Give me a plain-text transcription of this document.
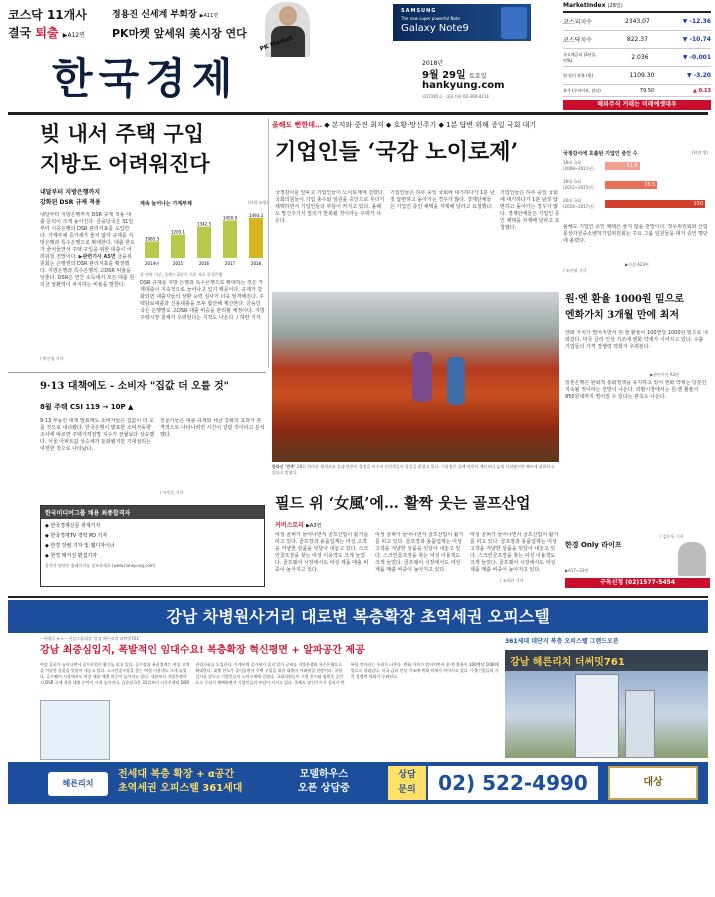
코스닥 11개사
결국 퇴출 ▶A12면
정용진 신세계 부회장 ▶A11면
PK마켓 앞세워 美시장 연다
PK Market
SAMSUNG
The new super powerful Note
Galaxy Note9
한국경제	2018년
9월 29일 토요일
hankyung.com
제17265호 · 대표전화 02-360-4114
MarketIndex (28일)
코스피지수	2343.07	▼ -12.36
코스닥지수	822.37	▼ -10.74
국고채금리 (3년물, 연%)	2.036	▼ -0.001
원·달러 환율 (원)	1109.30	▼ -3.20
유가 (두바이유, 달러)	79.50	▲ 0.13
해외주식 거래는 미래에셋대우
빚 내서 주택 구입
지방도 어려워진다
내달부터 지방은행까지
강화된 DSR 규제 적용
내달부터 지방은행까지 DSR 규제 적용 대출 문턱이 크게 높아진다. 금융당국은 31일부터 시중은행의 DSR 관리지표를 도입한다. 가계부채 증가세가 줄지 않자 규제를 지방은행과 특수은행으로 확대한다. 대출 한도가 줄어들면서 주택 구입을 위한 대출이 어려워질 전망이다. ▶관련기사 A5면 금융위원회는 은행권의 DSR 관리지표를 확정했다. 지방은행과 특수은행의 고DSR 비율을 낮춘다. DSR은 연간 소득에서 모든 대출 원리금 상환액이 차지하는 비율을 말한다.
/ 박신영 기자
계속 늘어나는 가계부채	(단위:조원)
1085.3
2014년
1203.1
2015
1342.5
2016
1450.9
2017
1493.2
2018
각 연말 기준, 올해는 2분기 기준 자료 한국은행
DSR 규제를 지방 은행과 특수은행으로 확대하는 것은 가계대출이 지속적으로 늘어나고 있기 때문이다. 규제가 강화되면 대출자들의 상환 능력 심사가 더욱 엄격해진다. 주택담보대출과 신용대출을 모두 합산해 계산한다. 금융당국은 은행별로 고DSR 대출 비중을 관리할 예정이다. 지방 주택시장 침체가 우려된다는 지적도 나온다. / 허란 기자
올해도 빤한데… ◆ 본지와 중진 최저 ◆ 호황·망신주기 ◆ 1분 답변 위해 증일 국회 대기
기업인들 ‘국감 노이로제’
국정감사를 앞두고 기업인들이 노이로제에 걸렸다. 국회의원들이 기업 총수와 임원을 증인으로 무더기 채택하면서 기업인들의 부담이 커지고 있다. 올해도 망신주기식 질의가 반복될 것이라는 우려가 나온다.
기업인들은 하루 종일 국회에 대기하다가 1분 남짓 답변하고 돌아가는 경우가 많다. 경제단체들은 기업인 증인 채택을 자제해 달라고 요청했다.
기업인들은 하루 종일 국회에 대기하다가 1분 남짓 답변하고 돌아가는 경우가 많다. 경제단체들은 기업인 증인 채택을 자제해 달라고 요청했다.
국정감사에 호출된 기업인 증인 수	(단위:명)
18대 국회 (2008~2011년)	51.8
19대 국회 (2012~2015년)	78.5
20대 국회 (2016~2017년)	150
올해도 기업인 증인 채택은 줄지 않을 전망이다. 정무위원회와 산업통상자원중소벤처기업위원회는 주요 그룹 임원들을 대거 증인 명단에 올렸다.
▶사설 A23면
/ 조진형 기자
원·엔 환율 1000원 밑으로
엔화가치 3개월 만에 최저
엔화 가치가 떨어지면서 원·엔 환율이 100엔당 1000원 밑으로 내려갔다. 미국 금리 인상 기조에 엔화 약세가 이어지고 있다. 수출기업들의 가격 경쟁력 약화가 우려된다.
▶관련기사 A3면
일본은행은 완화적 통화정책을 유지하고 있어 엔화 약세는 당분간 지속될 것이라는 전망이 나온다. 외환시장에서는 원·엔 환율이 950원대까지 떨어질 수 있다는 관측도 나온다.
/ 김동욱 기자
한라산 ‘만추’ 28일 한라산 윗세오름 일대 단풍이 절정을 이루며 등산객들의 발길을 붙잡고 있다. 기상청은 올해 단풍이 예년보다 늦게 시작됐지만 빠르게 남하하고 있다고 밝혔다.
9·13 대책에도 - 소비자 "집값 더 오를 것"
8월 주택 CSI 119 → 10P ▲
9·13 부동산 대책 발표에도 소비자들은 집값이 더 오를 것으로 내다봤다. 한국은행이 발표한 소비자동향조사에 따르면 주택가격전망 지수가 전월보다 상승했다. 서울 아파트값 상승세가 둔화됐지만 기대심리는 여전한 것으로 나타났다.
전문가들은 대출 규제와 세금 강화의 효과가 본격적으로 나타나려면 시간이 걸릴 것이라고 분석했다.
/ 서민준 기자
한국미디어그룹 채용 최종합격자
◆ 한국경제신문 취재기자
◆ 한국경제TV 경력 PD 기자
◆ 한경 닷컴 기자 및 웹디자이너
◆ 한경 매거진 편집기자
합격자 명단은 홈페이지를 참조하세요 (www.hankyung.com)
필드 위 ‘女風’에… 활짝 웃는 골프산업
커버스토리 ▶A3면
여성 골퍼가 늘어나면서 골프산업이 활기를 띠고 있다. 골프장과 용품업계는 여성 고객을 겨냥한 상품을 잇달아 내놓고 있다. 스크린골프장을 찾는 여성 이용객도 크게 늘었다. 골프웨어 시장에서도 여성 제품 매출 비중이 높아지고 있다.
여성 골퍼가 늘어나면서 골프산업이 활기를 띠고 있다. 골프장과 용품업계는 여성 고객을 겨냥한 상품을 잇달아 내놓고 있다. 스크린골프장을 찾는 여성 이용객도 크게 늘었다. 골프웨어 시장에서도 여성 제품 매출 비중이 높아지고 있다.
여성 골퍼가 늘어나면서 골프산업이 활기를 띠고 있다. 골프장과 용품업계는 여성 고객을 겨냥한 상품을 잇달아 내놓고 있다. 스크린골프장을 찾는 여성 이용객도 크게 늘었다. 골프웨어 시장에서도 여성 제품 매출 비중이 높아지고 있다.
/ 조희찬 기자
한경 Only 라이프
▶A17~23면
구독신청 (02)1577-5454
강남 차병원사거리 대로변 복층확장 초역세권 오피스텔
– 희애의 뉴스 – 건설그룹대상 '강남 헤른리치 더써밋761'
강남 최중심입지, 폭발적인 임대수요! 복층확장 혁신평면 + 알파공간 제공
여성 골퍼가 늘어나면서 골프산업이 활기를 띠고 있다. 골프장과 용품업계는 여성 고객을 겨냥한 상품을 잇달아 내놓고 있다. 스크린골프장을 찾는 여성 이용객도 크게 늘었다. 골프웨어 시장에서도 여성 제품 매출 비중이 높아지고 있다. 내달부터 지방은행까지 DSR 규제 적용 대출 문턱이 크게 높아진다. 금융당국은 31일부터 시중은행의 DSR 관리지표를 도입한다. 가계부채 증가세가 줄지 않자 규제를 지방은행과 특수은행으로 확대한다. 대출 한도가 줄어들면서 주택 구입을 위한 대출이 어려워질 전망이다. 국정감사를 앞두고 기업인들이 노이로제에 걸렸다. 국회의원들이 기업 총수와 임원을 증인으로 무더기 채택하면서 기업인들의 부담이 커지고 있다. 올해도 망신주기식 질의가 반복될 것이라는 우려가 나온다. 엔화 가치가 떨어지면서 원·엔 환율이 100엔당 1000원 밑으로 내려갔다. 미국 금리 인상 기조에 엔화 약세가 이어지고 있다. 수출기업들의 가격 경쟁력 약화가 우려된다.
361세대 대단지 복층 오피스텔 그랜드오픈
강남 헤른리치 더써밋761
헤른리치
전세대 복층 확장 + α공간
초역세권 오피스텔 361세대
모델하우스
오픈 상담중
상담
문의	02) 522-4990	대상
